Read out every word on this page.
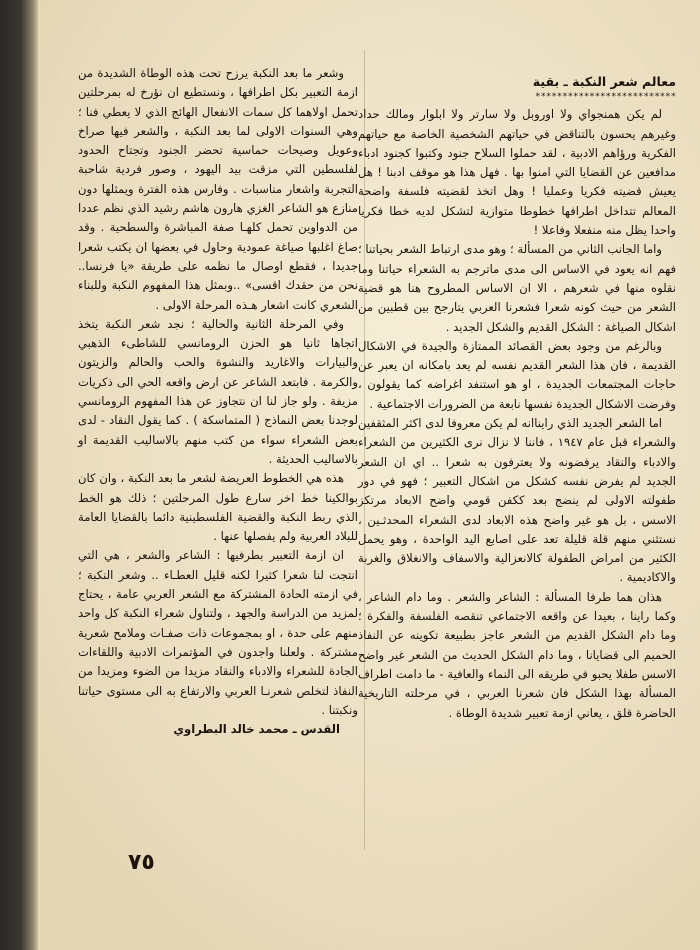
معالم شعر النكبة ـ بقية

**************************

لم يكن همنجواي ولا اوروبل ولا سارتر ولا ابلوار ومالك حداد وغيرهم يحسون بالتناقض في حياتهم الشخصية الخاصة مع حياتهم الفكرية ورؤاهم الادبية ، لقد حملوا السلاح جنود وكتبوا كجنود ادباء مدافعين عن القضايا التي امنوا بها . فهل هذا هو موقف ادبنا ! هل يعيش قضيته فكريا وعمليا ! وهل اتخذ لقضيته فلسفة واضحة المعالم تتداخل اطرافها خطوطا متوازية لتشكل لديه خطا فكريا واحدا يظل منه منفعلا وفاعلا !

واما الجانب الثاني من المسألة ؛ وهو مدى ارتباط الشعر بحياتنا ؛ فهم انه يعود في الاساس الى مدى ماترجم به الشعراء حياتنا وما نقلوه منها في شعرهم ، الا ان الاساس المطروح هنا هو قضية الشعر من حيث كونه شعرا فشعرنا العربي يتارجح بين قطبين من اشكال الصياغة : الشكل القديم والشكل الجديد .

وبالرغم من وجود بعض القصائد الممتازة والجيدة في الاشكال القديمة ، فان هذا الشعر القديم نفسه لم يعد بامكانه ان يعبر عن حاجات المجتمعات الجديدة ، او هو استنفد اغراضه كما يقولون ، وفرضت الاشكال الجديدة نفسها نابعة من الضرورات الاجتماعية .

اما الشعر الجديد الذي رايناانه لم يكن معروفا لدى اكثر المثقفين والشعراء قبل عام ١٩٤٧ ، فاننا لا نزال نرى الكثيرين من الشعراء والادباء والنقاد يرفضونه ولا يعترفون به شعرا .. اي ان الشعر الجديد لم يفرض نفسه كشكل من اشكال التعبير ؛ فهو في دور طفولته الاولى لم ينضج بعد ككفن قومي واضح الابعاد مرتكز الاسس ، بل هو غير واضح هذه الابعاد لدى الشعراء المحدثـين ، نستثني منهم قلة قليلة تعد على اصابع اليد الواحدة ، وهو يحمل الكثير من امراض الطفولة كالانعزالية والاسفاف والانغلاق والغربة والاكاديمية .

هذان هما طرفا المسألة : الشاعر والشعر . وما دام الشاعر ، وكما راينا ، بعيدا عن واقعه الاجتماعي تنقصه الفلسفة والفكرة ؛ وما دام الشكل القديم من الشعر عاجز بطبيعة تكوينه عن النفاذ الحميم الى قضايانا ، وما دام الشكل الحديث من الشعر غير واضح الاسس طفلا يحبو في طريقه الى النماء والعافية - ما دامت اطراف المسألة بهذا الشكل فان شعرنا العربي ، في مرحلته التاريخية الحاضرة قلق ، يعاني ازمة تعبير شديدة الوطاة .

وشعر ما بعد النكبة يرزح تحت هذه الوطاة الشديدة من ازمة التعبير بكل اطرافها ، ونستطيع ان نؤرخ له بمرحلتين تحمل اولاهما كل سمات الانفعال الهائج الذي لا يعطي فنا ؛ وهي السنوات الاولى لما بعد النكبة ، والشعر فيها صراخ وعويل وصيحات حماسية تحضر الجنود وتجتاح الحدود لفلسطين التي مزقت بيد اليهود ، وصور فردية شاحبة التجربة واشعار مناسبات . وفارس هذه الفترة ويمثلها دون منازع هو الشاعر الغزي هارون هاشم رشيد الذي نظم عددا من الدواوين تحمل كلهـا صفة المباشرة والسطحية . وقد صاغ اغلبها صياغة عمودية وحاول في بعضها ان يكتب شعرا جديدا ، فقطع اوصال ما نظمه على طريقة «يا فرنسا.. نحن من حقدك اقسى» ..وبمثل هذا المفهوم النكبة وللبناء الشعري كانت اشعار هـذه المرحلة الاولى .

وفي المرحلة الثانية والحالية ؛ نجد شعر النكبة يتخذ اتجاها ثانيا هو الحزن الرومانسي للشاطىء الذهبي والبيارات والاغاريد والنشوة والحب والحالم والزيتون والكرمة . فابتعد الشاعر عن ارض واقعه الحي الى ذكريات مزيفة . ولو جاز لنا ان نتجاوز عن هذا المفهوم الرومانسي لوجدنا بعض النماذج ( المتماسكة ) . كما يقول النقاد - لدى بعض الشعراء سواء من كتب منهم بالاساليب القديمة او بالاساليب الحديثة .

هذه هي الخطوط العريضة لشعر ما بعد النكبة ، وان كان بوالكينا خط اخر سارع طول المرحلتين ؛ ذلك هو الخط الذي ربط النكبة والقضية الفلسطينية دائما بالقضايا العامة للبلاد العربية ولم يفصلها عنها .

ان ازمة التعبير بطرفيها : الشاعر والشعر ، هي التي انتجت لنا شعرا كثيرا لكنه قليل العطـاء .. وشعر النكبة ؛ في ازمته الحادة المشتركة مع الشعر العربي عامة ، يحتاج لمزيد من الدراسة والجهد ، ولتناول شعراء النكبة كل واحد منهم على حدة ، او بمجموعات ذات صفـات وملامح شعرية مشتركة . ولعلنا واجدون في المؤتمرات الادبية واللقاءات الجادة للشعراء والادباء والنقاد مزيدا من الضوء ومزيدا من النفاذ لتخلص شعرنـا العربي والارتفاع به الى مستوى حياتنا ونكبتنا .

القدس ـ محمد خالد البطراوي

٧٥
